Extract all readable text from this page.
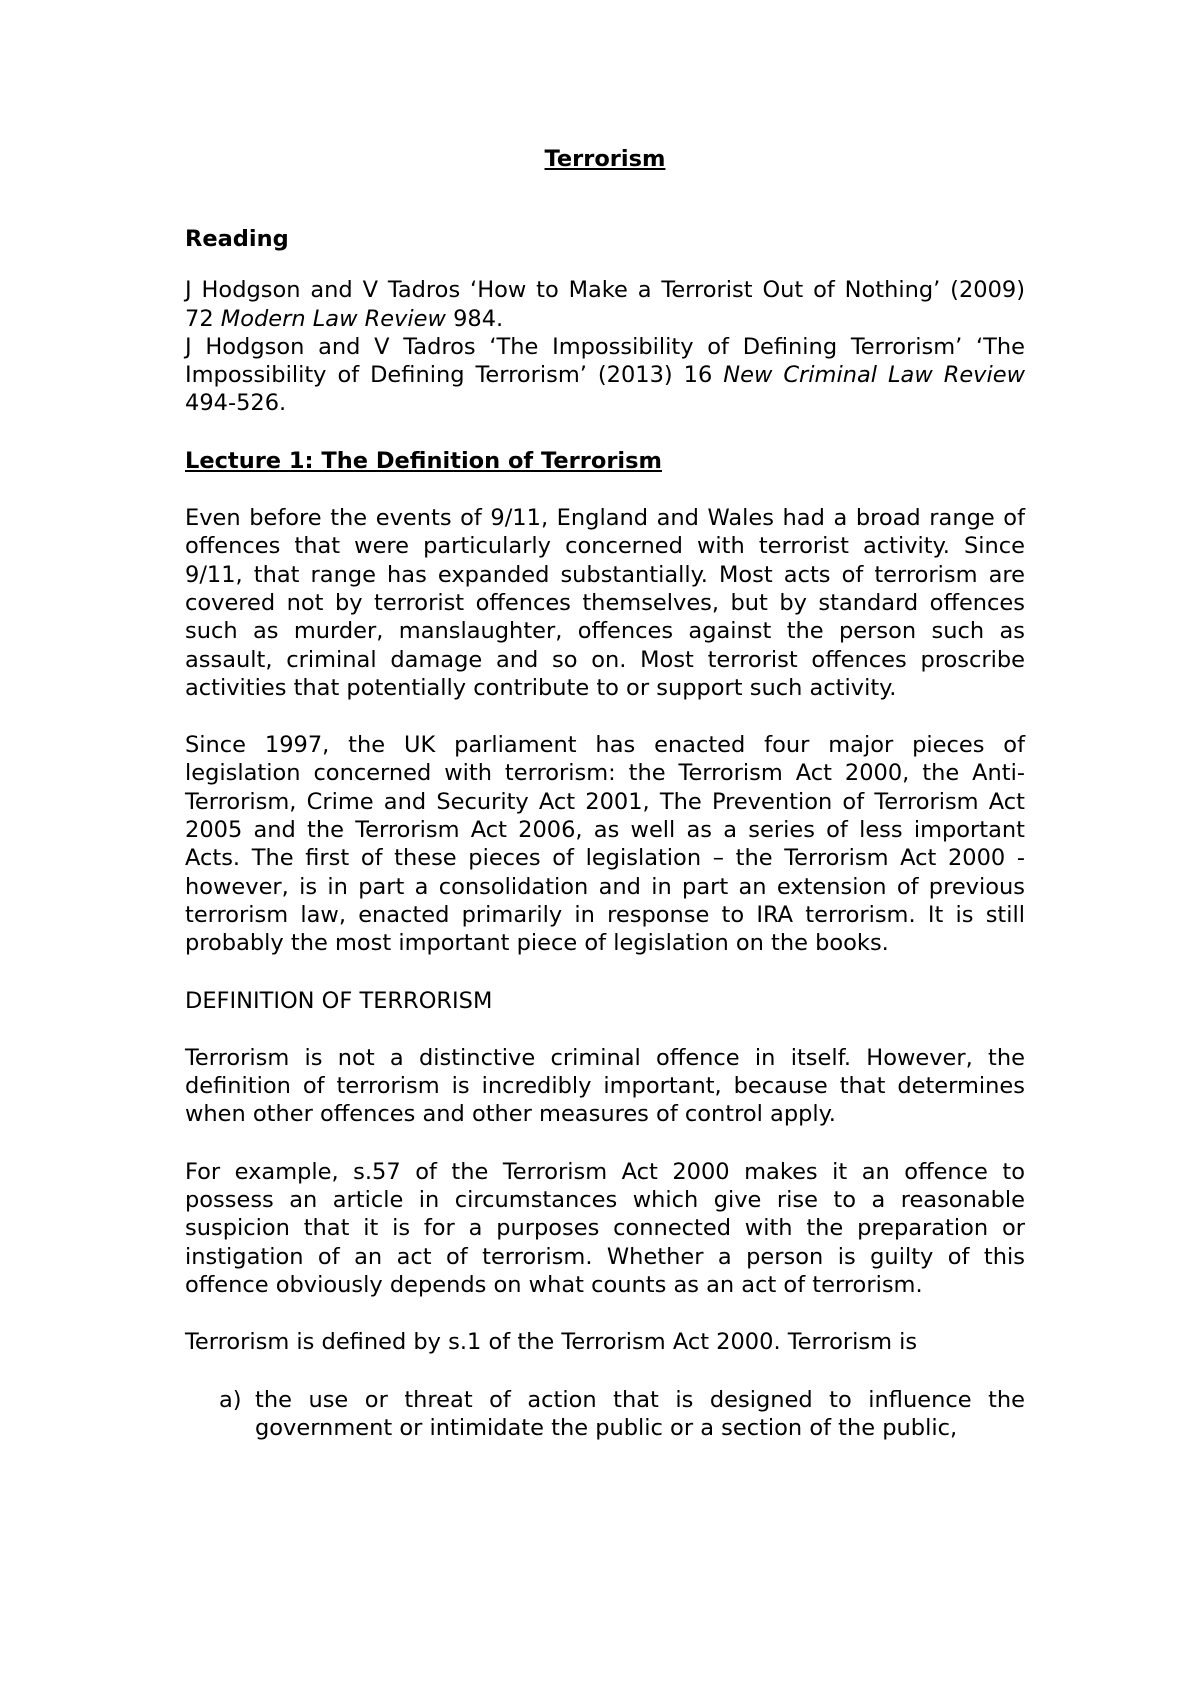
Terrorism

Reading

J Hodgson and V Tadros ‘How to Make a Terrorist Out of Nothing’ (2009) 72 Modern Law Review 984.

J Hodgson and V Tadros ‘The Impossibility of Defining Terrorism’ ‘The Impossibility of Defining Terrorism’ (2013) 16 New Criminal Law Review 494-526.

Lecture 1: The Definition of Terrorism

Even before the events of 9/11, England and Wales had a broad range of offences that were particularly concerned with terrorist activity. Since 9/11, that range has expanded substantially. Most acts of terrorism are covered not by terrorist offences themselves, but by standard offences such as murder, manslaughter, offences against the person such as assault, criminal damage and so on. Most terrorist offences proscribe activities that potentially contribute to or support such activity.

Since 1997, the UK parliament has enacted four major pieces of legislation concerned with terrorism: the Terrorism Act 2000, the Anti-Terrorism, Crime and Security Act 2001, The Prevention of Terrorism Act 2005 and the Terrorism Act 2006, as well as a series of less important Acts. The first of these pieces of legislation – the Terrorism Act 2000 - however, is in part a consolidation and in part an extension of previous terrorism law, enacted primarily in response to IRA terrorism. It is still probably the most important piece of legislation on the books.

DEFINITION OF TERRORISM

Terrorism is not a distinctive criminal offence in itself. However, the definition of terrorism is incredibly important, because that determines when other offences and other measures of control apply.

For example, s.57 of the Terrorism Act 2000 makes it an offence to possess an article in circumstances which give rise to a reasonable suspicion that it is for a purposes connected with the preparation or instigation of an act of terrorism. Whether a person is guilty of this offence obviously depends on what counts as an act of terrorism.

Terrorism is defined by s.1 of the Terrorism Act 2000. Terrorism is

a) the use or threat of action that is designed to influence the government or intimidate the public or a section of the public,
